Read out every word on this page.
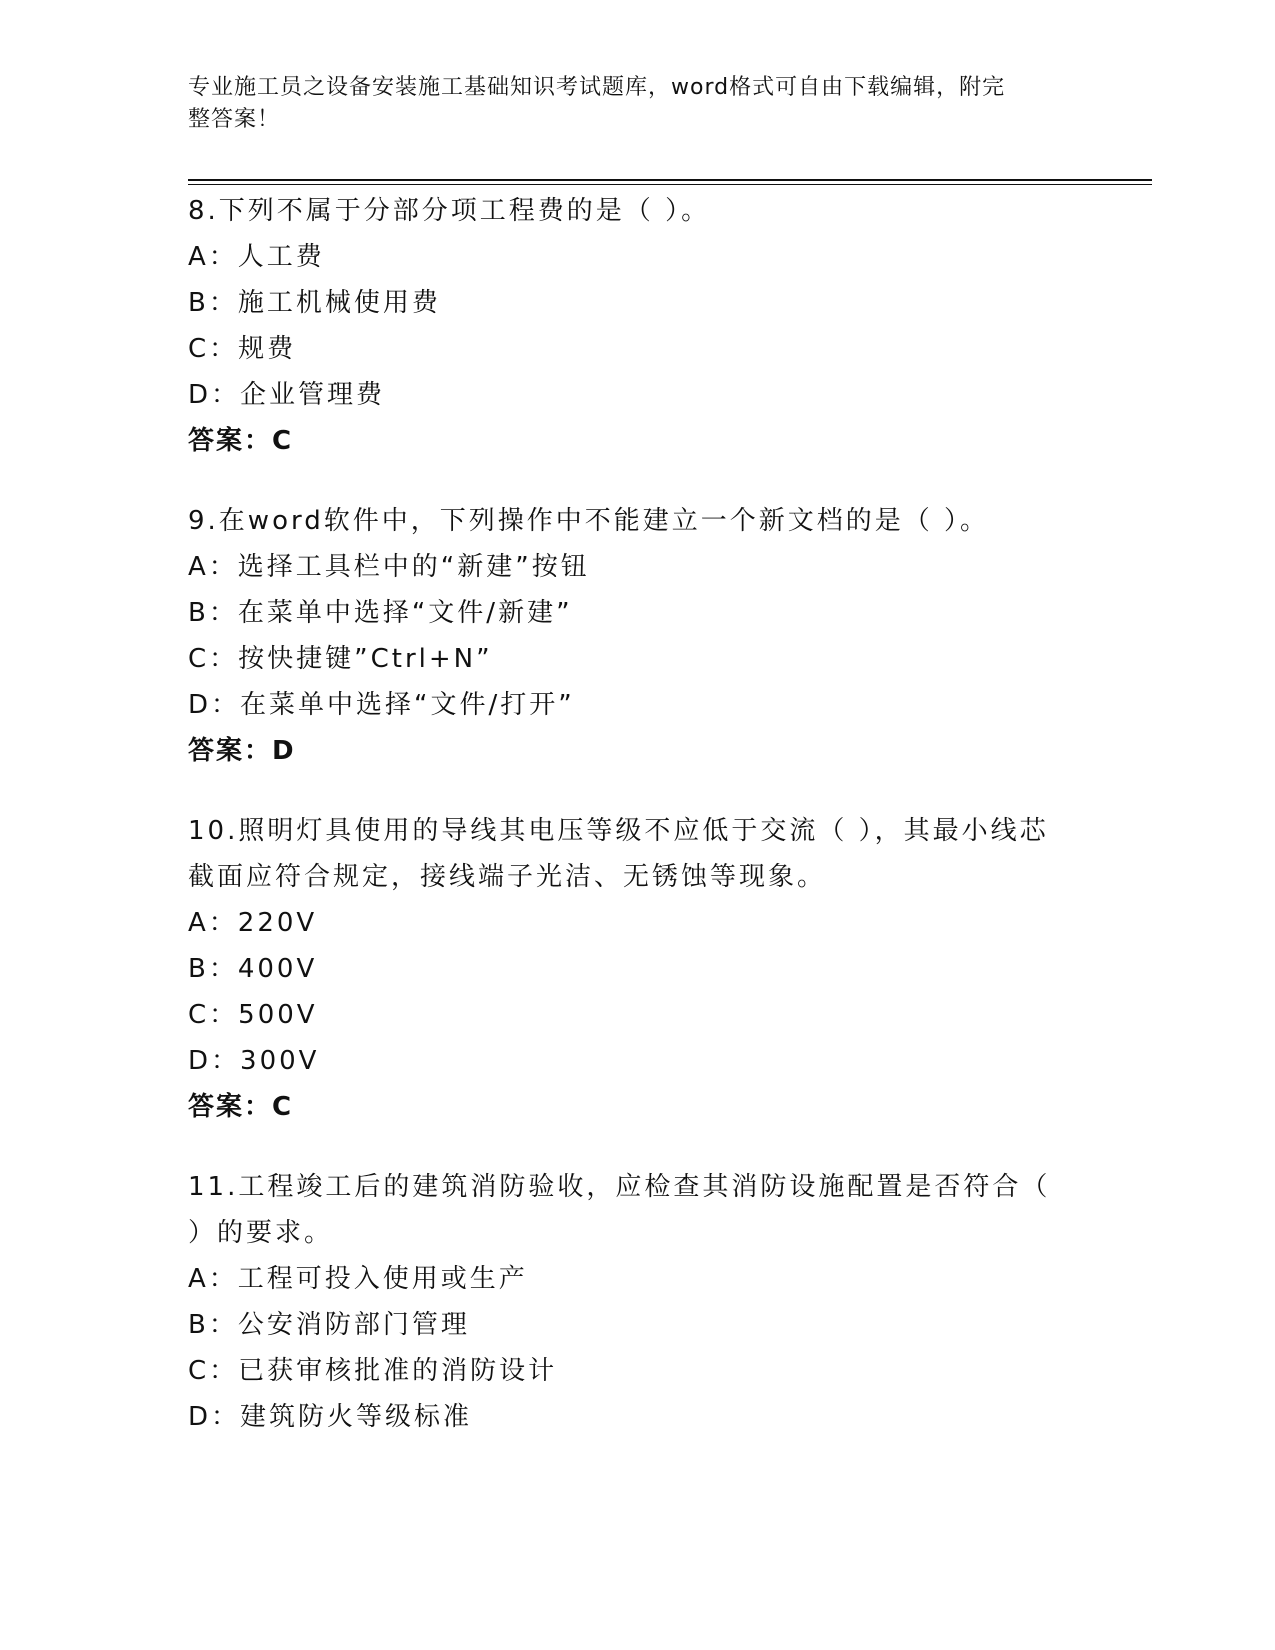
专业施工员之设备安装施工基础知识考试题库，word格式可自由下载编辑，附完
整答案！
8.下列不属于分部分项工程费的是（ ）。
A：人工费
B：施工机械使用费
C：规费
D：企业管理费
答案：C
9.在word软件中，下列操作中不能建立一个新文档的是（ ）。
A：选择工具栏中的“新建”按钮
B：在菜单中选择“文件/新建”
C：按快捷键”Ctrl+N”
D：在菜单中选择“文件/打开”
答案：D
10.照明灯具使用的导线其电压等级不应低于交流（ ），其最小线芯
截面应符合规定，接线端子光洁、无锈蚀等现象。
A：220V
B：400V
C：500V
D：300V
答案：C
11.工程竣工后的建筑消防验收，应检查其消防设施配置是否符合（
）的要求。
A：工程可投入使用或生产
B：公安消防部门管理
C：已获审核批准的消防设计
D：建筑防火等级标准
